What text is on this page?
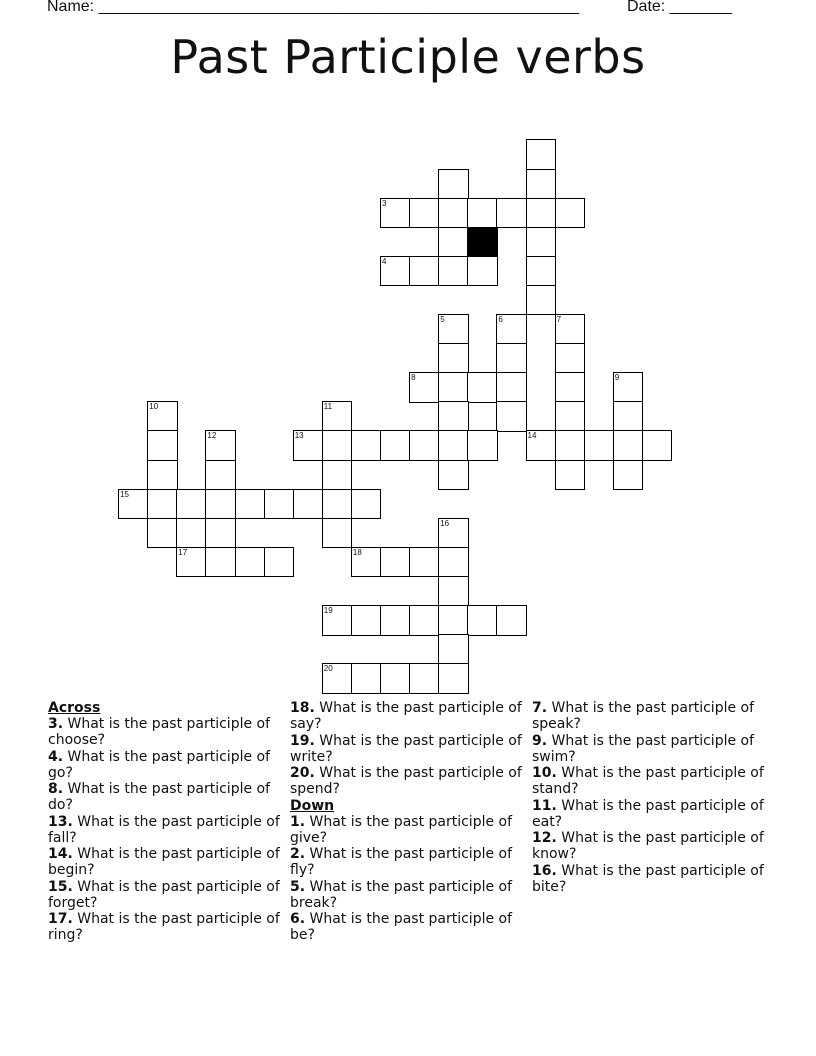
Name: ______________________________________________________	Date: _______
Past Participle verbs
3
4
5	6	7
8	9
10	11
12	13	14
15
16
17	18
19
20
Across
3. What is the past participle of choose?
4. What is the past participle of go?
8. What is the past participle of do?
13. What is the past participle of fall?
14. What is the past participle of begin?
15. What is the past participle of forget?
17. What is the past participle of ring?
18. What is the past participle of say?
19. What is the past participle of write?
20. What is the past participle of spend?
Down
1. What is the past participle of give?
2. What is the past participle of fly?
5. What is the past participle of break?
6. What is the past participle of be?
7. What is the past participle of speak?
9. What is the past participle of swim?
10. What is the past participle of stand?
11. What is the past participle of eat?
12. What is the past participle of know?
16. What is the past participle of bite?
